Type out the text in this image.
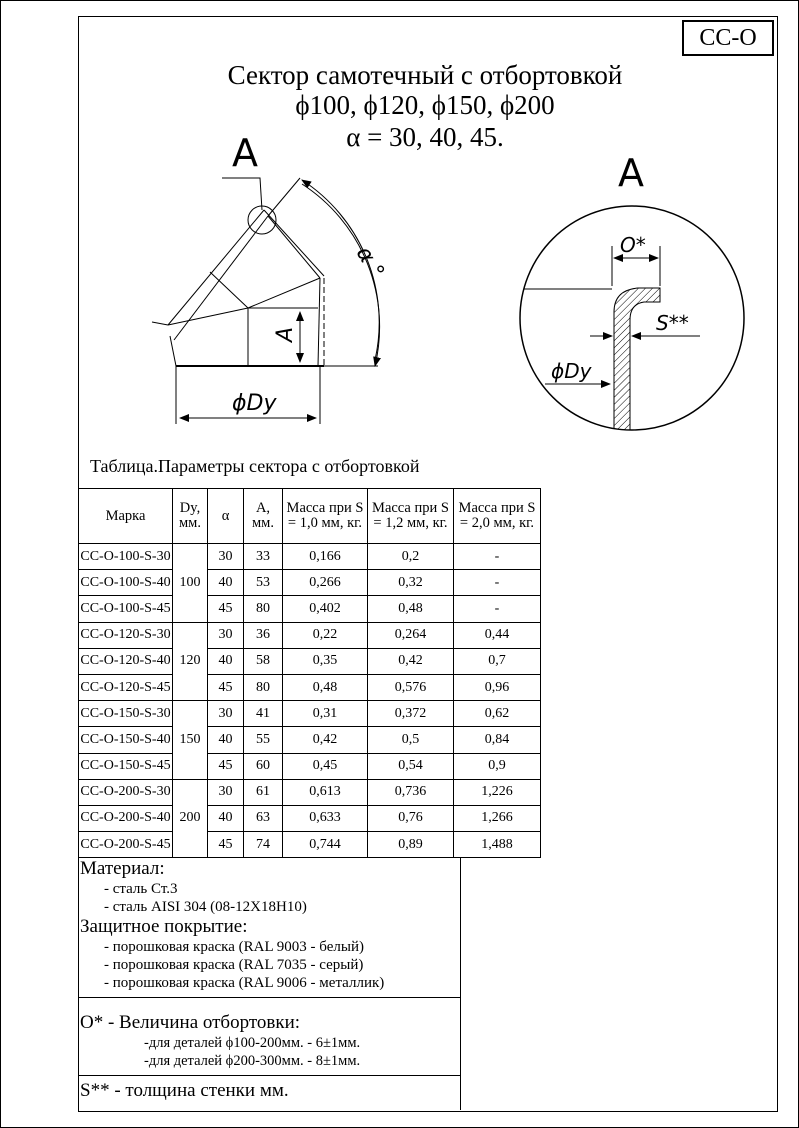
CC-O
Сектор самотечный с отбортовкой
ϕ100, ϕ120, ϕ150, ϕ200
α = 30, 40, 45.
A
A
ϕDy
α °
A
O*
S**
ϕDy
Таблица.Параметры сектора с отбортовкой
Марка	Dy, мм.	α	A, мм.	Масса при S = 1,0 мм, кг.	Масса при S = 1,2 мм, кг.	Масса при S = 2,0 мм, кг.
CC-O-100-S-30	100	30	33	0,166	0,2	-
CC-O-100-S-40		40	53	0,266	0,32	-
CC-O-100-S-45		45	80	0,402	0,48	-
CC-O-120-S-30	120	30	36	0,22	0,264	0,44
CC-O-120-S-40		40	58	0,35	0,42	0,7
CC-O-120-S-45		45	80	0,48	0,576	0,96
CC-O-150-S-30	150	30	41	0,31	0,372	0,62
CC-O-150-S-40		40	55	0,42	0,5	0,84
CC-O-150-S-45		45	60	0,45	0,54	0,9
CC-O-200-S-30	200	30	61	0,613	0,736	1,226
CC-O-200-S-40		40	63	0,633	0,76	1,266
CC-O-200-S-45		45	74	0,744	0,89	1,488
Материал:
- сталь Ст.3
- сталь AISI 304 (08-12Х18Н10)
Защитное покрытие:
- порошковая краска (RAL 9003 - белый)
- порошковая краска (RAL 7035 - серый)
- порошковая краска (RAL 9006 - металлик)
O* - Величина отбортовки:
-для деталей ϕ100-200мм. - 6±1мм.
-для деталей ϕ200-300мм. - 8±1мм.
S** - толщина стенки мм.
